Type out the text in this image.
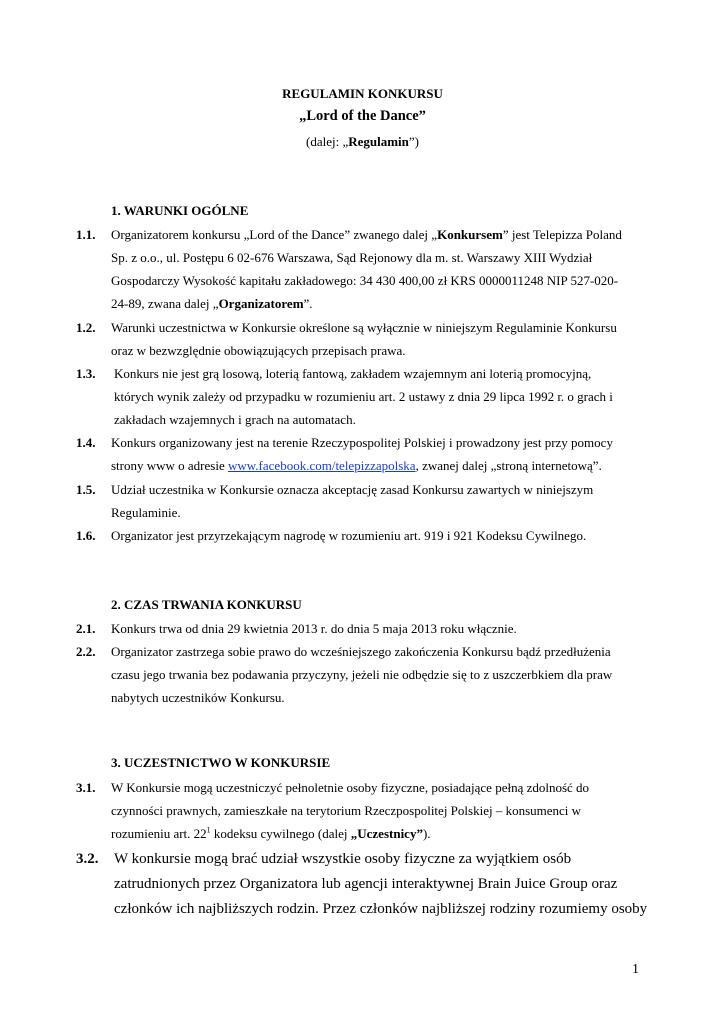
REGULAMIN KONKURSU
„Lord of the Dance”
(dalej: „Regulamin”)
1. WARUNKI OGÓLNE
1.1. Organizatorem konkursu „Lord of the Dance” zwanego dalej „Konkursem” jest Telepizza Poland
Sp. z o.o., ul. Postępu 6 02-676 Warszawa, Sąd Rejonowy dla m. st. Warszawy XIII Wydział
Gospodarczy Wysokość kapitału zakładowego: 34 430 400,00 zł KRS 0000011248 NIP 527-020-
24-89, zwana dalej „Organizatorem”.
1.2. Warunki uczestnictwa w Konkursie określone są wyłącznie w niniejszym Regulaminie Konkursu
oraz w bezwzględnie obowiązujących przepisach prawa.
1.3. Konkurs nie jest grą losową, loterią fantową, zakładem wzajemnym ani loterią promocyjną,
których wynik zależy od przypadku w rozumieniu art. 2 ustawy z dnia 29 lipca 1992 r. o grach i
zakładach wzajemnych i grach na automatach.
1.4. Konkurs organizowany jest na terenie Rzeczypospolitej Polskiej i prowadzony jest przy pomocy
strony www o adresie www.facebook.com/telepizzapolska, zwanej dalej „stroną internetową”.
1.5. Udział uczestnika w Konkursie oznacza akceptację zasad Konkursu zawartych w niniejszym
Regulaminie.
1.6. Organizator jest przyrzekającym nagrodę w rozumieniu art. 919 i 921 Kodeksu Cywilnego.
2. CZAS TRWANIA KONKURSU
2.1. Konkurs trwa od dnia 29 kwietnia 2013 r. do dnia 5 maja 2013 roku włącznie.
2.2. Organizator zastrzega sobie prawo do wcześniejszego zakończenia Konkursu bądź przedłużenia
czasu jego trwania bez podawania przyczyny, jeżeli nie odbędzie się to z uszczerbkiem dla praw
nabytych uczestników Konkursu.
3. UCZESTNICTWO W KONKURSIE
3.1. W Konkursie mogą uczestniczyć pełnoletnie osoby fizyczne, posiadające pełną zdolność do
czynności prawnych, zamieszkałe na terytorium Rzeczpospolitej Polskiej – konsumenci w
rozumieniu art. $22^1$ kodeksu cywilnego (dalej „Uczestnicy”).
3.2. W konkursie mogą brać udział wszystkie osoby fizyczne za wyjątkiem osób
zatrudnionych przez Organizatora lub agencji interaktywnej Brain Juice Group oraz
członków ich najbliższych rodzin. Przez członków najbliższej rodziny rozumiemy osoby
1
